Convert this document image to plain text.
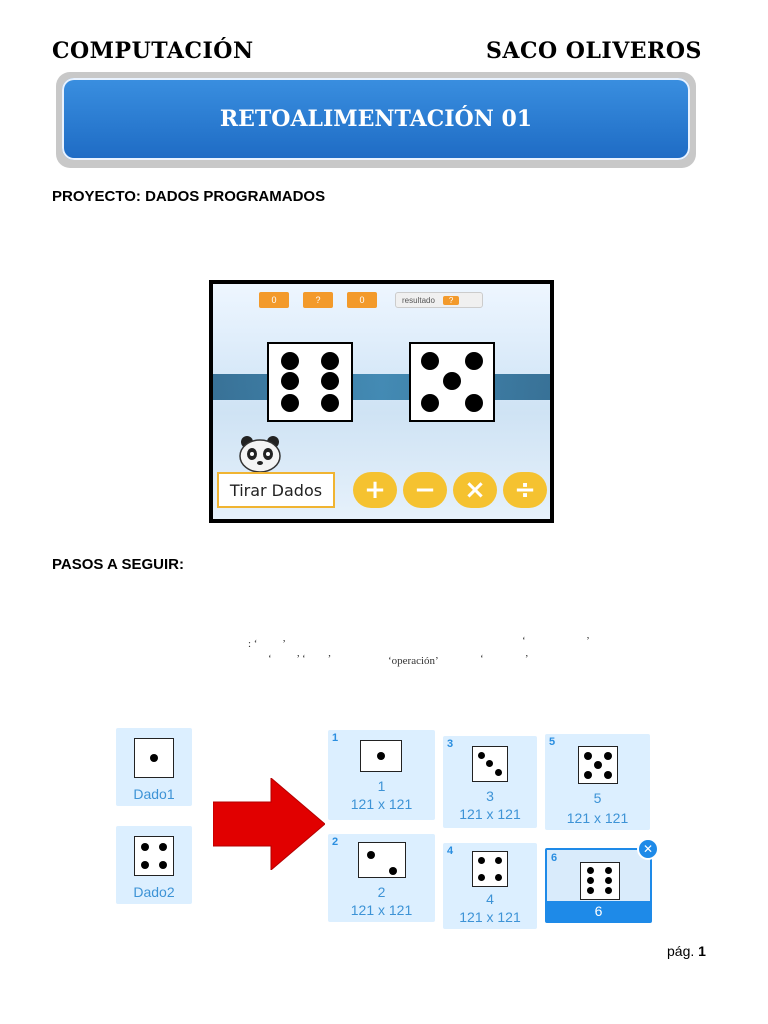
COMPUTACIÓN	SACO OLIVEROS
RETOALIMENTACIÓN 01
PROYECTO: DADOS PROGRAMADOS
0	?	0	resultado	?
Tirar Dados	+	−	×	÷
PASOS A SEGUIR:
: ‘         ’	‘                      ’
‘         ’ ‘        ’	‘operación’	‘               ’
Dado1
Dado2
1
1
121 x 121
2
2
121 x 121
3
3
121 x 121
4
4
121 x 121
5
5
121 x 121
6
6
✕
pág. 1
